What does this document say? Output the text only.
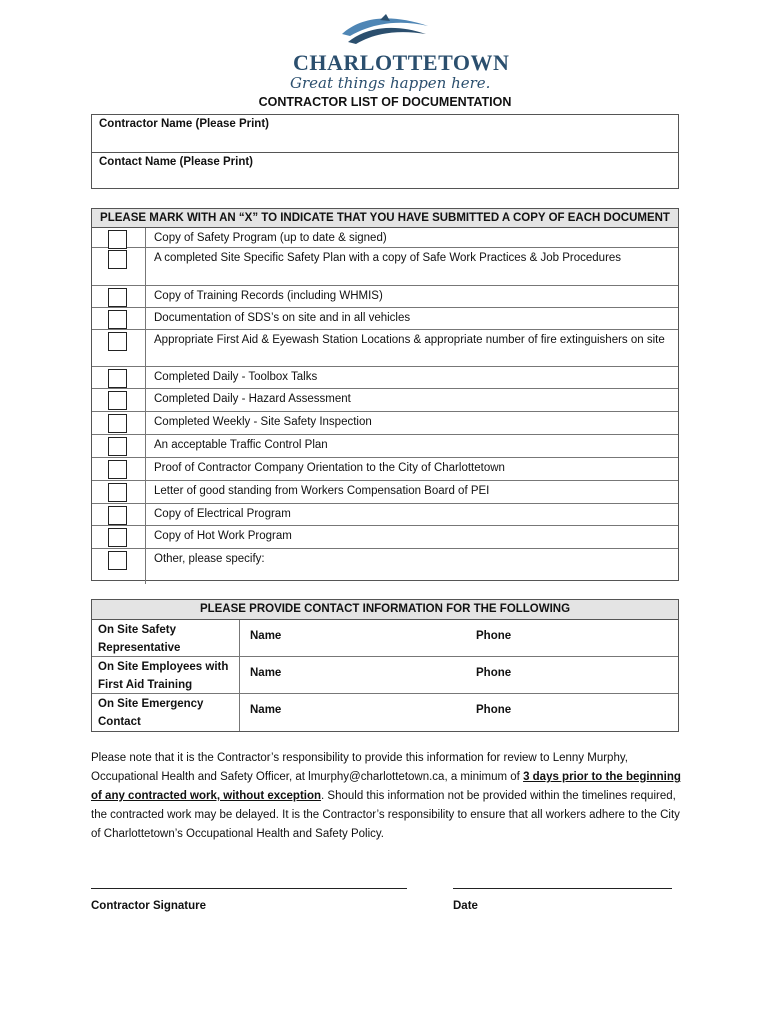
CHARLOTTETOWN
Great things happen here.
CONTRACTOR LIST OF DOCUMENTATION
Contractor Name (Please Print)
Contact Name (Please Print)
PLEASE MARK WITH AN “X” TO INDICATE THAT YOU HAVE SUBMITTED A COPY OF EACH DOCUMENT
Copy of Safety Program (up to date & signed)
A completed Site Specific Safety Plan with a copy of Safe Work Practices & Job Procedures
Copy of Training Records (including WHMIS)
Documentation of SDS’s on site and in all vehicles
Appropriate First Aid & Eyewash Station Locations & appropriate number of fire extinguishers on site
Completed Daily - Toolbox Talks
Completed Daily - Hazard Assessment
Completed Weekly - Site Safety Inspection
An acceptable Traffic Control Plan
Proof of Contractor Company Orientation to the City of Charlottetown
Letter of good standing from Workers Compensation Board of PEI
Copy of Electrical Program
Copy of Hot Work Program
Other, please specify:
PLEASE PROVIDE CONTACT INFORMATION FOR THE FOLLOWING
On Site Safety Representative
Name	Phone
On Site Employees with First Aid Training
Name	Phone
On Site Emergency Contact
Name	Phone
Please note that it is the Contractor’s responsibility to provide this information for review to Lenny Murphy, Occupational Health and Safety Officer, at lmurphy@charlottetown.ca, a minimum of 3 days prior to the beginning of any contracted work, without exception. Should this information not be provided within the timelines required, the contracted work may be delayed. It is the Contractor’s responsibility to ensure that all workers adhere to the City of Charlottetown’s Occupational Health and Safety Policy.
Contractor Signature	Date
